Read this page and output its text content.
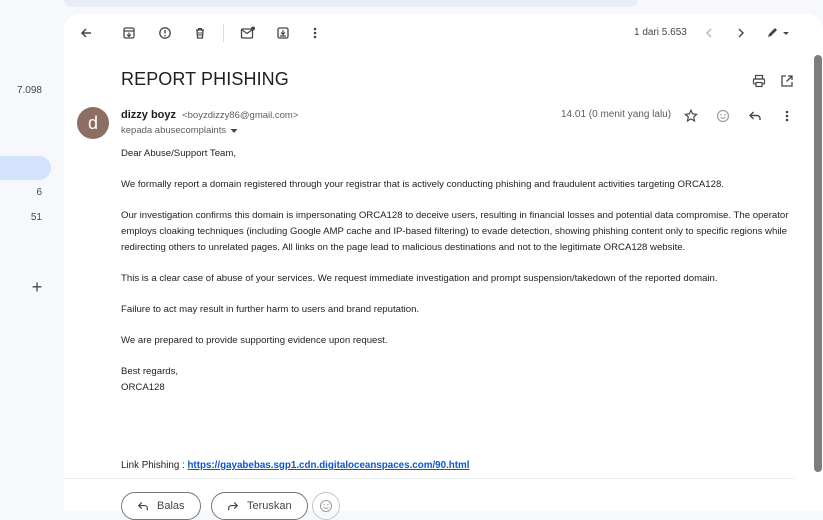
7.098
6
51
+
1 dari 5.653
REPORT PHISHING
d	dizzy boyz <boyzdizzy86@gmail.com>
kepada abusecomplaints
14.01 (0 menit yang lalu)

Dear Abuse/Support Team,

We formally report a domain registered through your registrar that is actively conducting phishing and fraudulent activities targeting ORCA128.

Our investigation confirms this domain is impersonating ORCA128 to deceive users, resulting in financial losses and potential data compromise. The operator employs cloaking techniques (including Google AMP cache and IP-based filtering) to evade detection, showing phishing content only to specific regions while redirecting others to unrelated pages. All links on the page lead to malicious destinations and not to the legitimate ORCA128 website.

This is a clear case of abuse of your services. We request immediate investigation and prompt suspension/takedown of the reported domain.

Failure to act may result in further harm to users and brand reputation.

We are prepared to provide supporting evidence upon request.

Best regards,

ORCA128

Link Phishing : https://gayabebas.sgp1.cdn.digitaloceanspaces.com/90.html
Balas	Teruskan
